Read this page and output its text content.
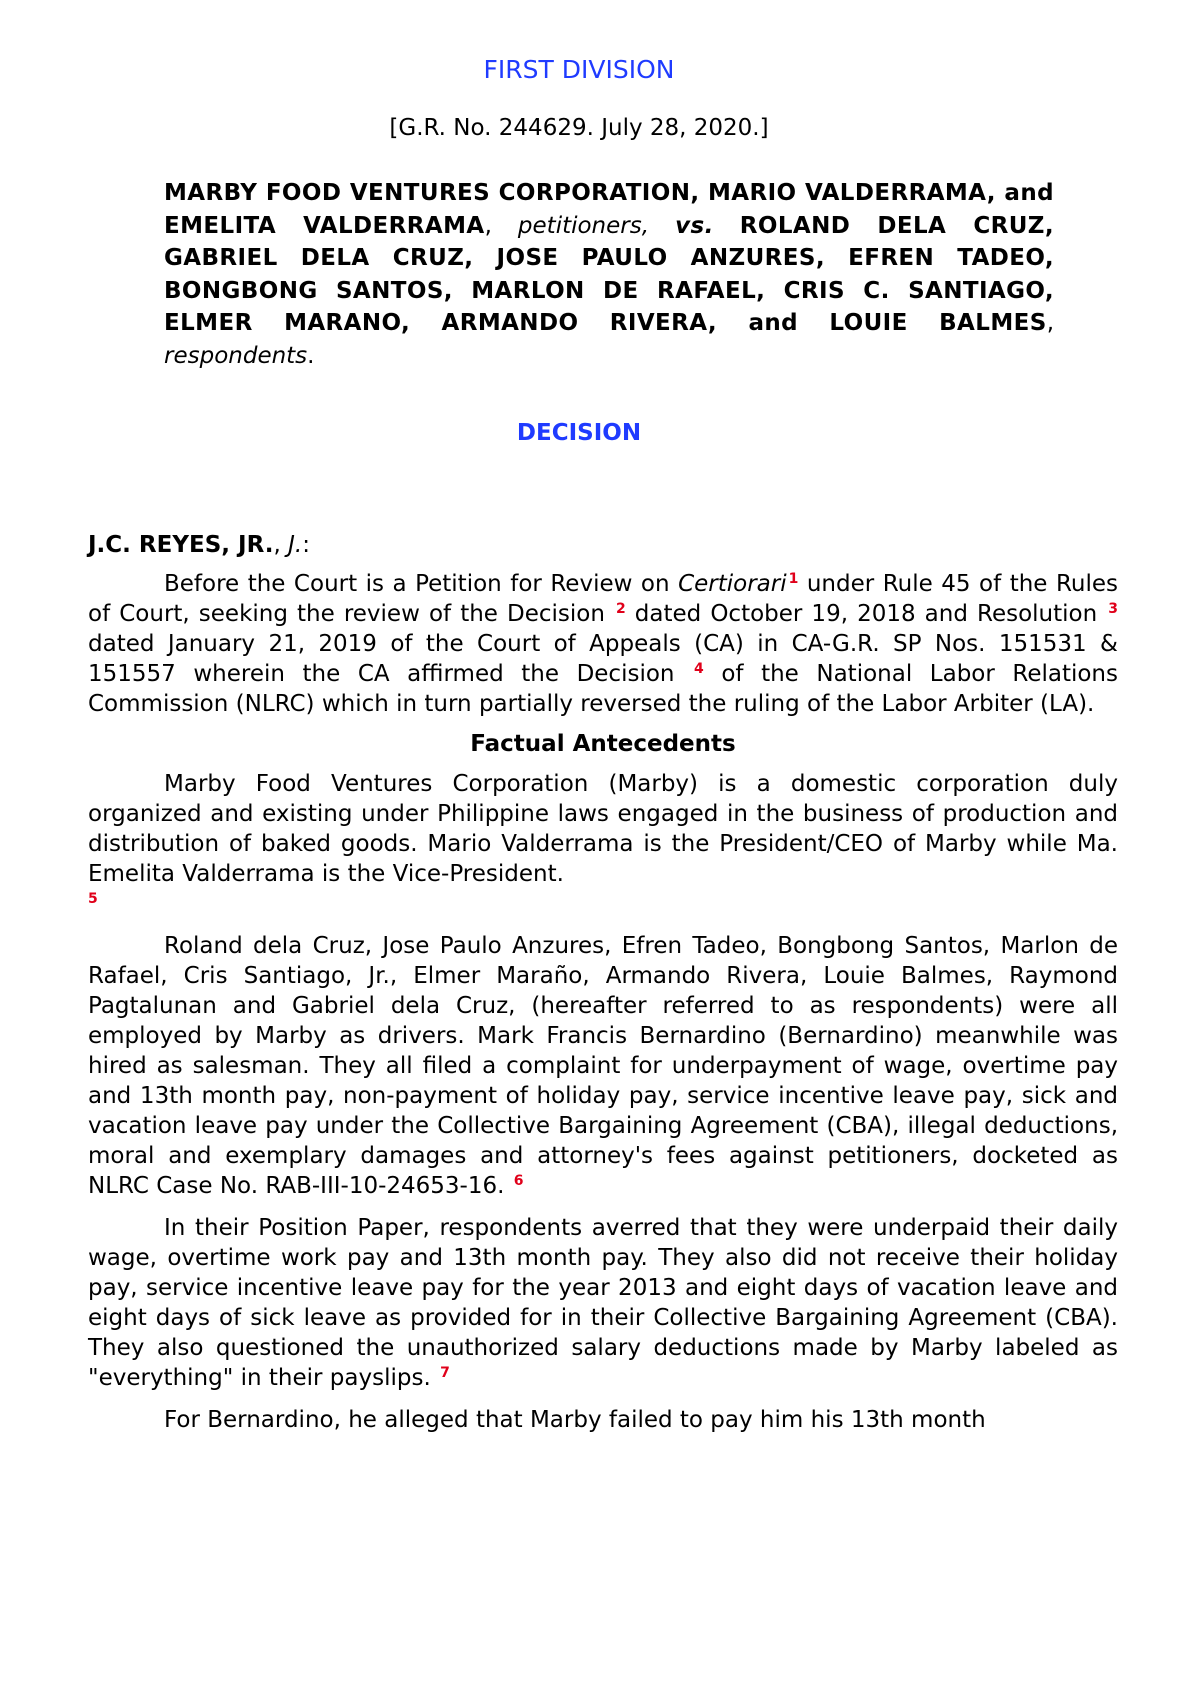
FIRST DIVISION

[G.R. No. 244629. July 28, 2020.]

MARBY FOOD VENTURES CORPORATION, MARIO VALDERRAMA, and EMELITA VALDERRAMA, petitioners, vs. ROLAND DELA CRUZ, GABRIEL DELA CRUZ, JOSE PAULO ANZURES, EFREN TADEO, BONGBONG SANTOS, MARLON DE RAFAEL, CRIS C. SANTIAGO, ELMER MARANO, ARMANDO RIVERA, and LOUIE BALMES, respondents.

DECISION

J.C. REYES, JR., J.:

Before the Court is a Petition for Review on Certiorari $^1$ under Rule 45 of the Rules of Court, seeking the review of the Decision $^2$ dated October 19, 2018 and Resolution $^3$ dated January 21, 2019 of the Court of Appeals (CA) in CA-G.R. SP Nos. 151531 & 151557 wherein the CA affirmed the Decision $^4$ of the National Labor Relations Commission (NLRC) which in turn partially reversed the ruling of the Labor Arbiter (LA).

Factual Antecedents

Marby Food Ventures Corporation (Marby) is a domestic corporation duly organized and existing under Philippine laws engaged in the business of production and distribution of baked goods. Mario Valderrama is the President/CEO of Marby while Ma. Emelita Valderrama is the Vice-President.
$^5$

Roland dela Cruz, Jose Paulo Anzures, Efren Tadeo, Bongbong Santos, Marlon de Rafael, Cris Santiago, Jr., Elmer Maraño, Armando Rivera, Louie Balmes, Raymond Pagtalunan and Gabriel dela Cruz, (hereafter referred to as respondents) were all employed by Marby as drivers. Mark Francis Bernardino (Bernardino) meanwhile was hired as salesman. They all filed a complaint for underpayment of wage, overtime pay and 13th month pay, non-payment of holiday pay, service incentive leave pay, sick and vacation leave pay under the Collective Bargaining Agreement (CBA), illegal deductions, moral and exemplary damages and attorney's fees against petitioners, docketed as NLRC Case No. RAB-III-10-24653-16. $^6$

In their Position Paper, respondents averred that they were underpaid their daily wage, overtime work pay and 13th month pay. They also did not receive their holiday pay, service incentive leave pay for the year 2013 and eight days of vacation leave and eight days of sick leave as provided for in their Collective Bargaining Agreement (CBA). They also questioned the unauthorized salary deductions made by Marby labeled as "everything" in their payslips. $^7$

For Bernardino, he alleged that Marby failed to pay him his 13th month
